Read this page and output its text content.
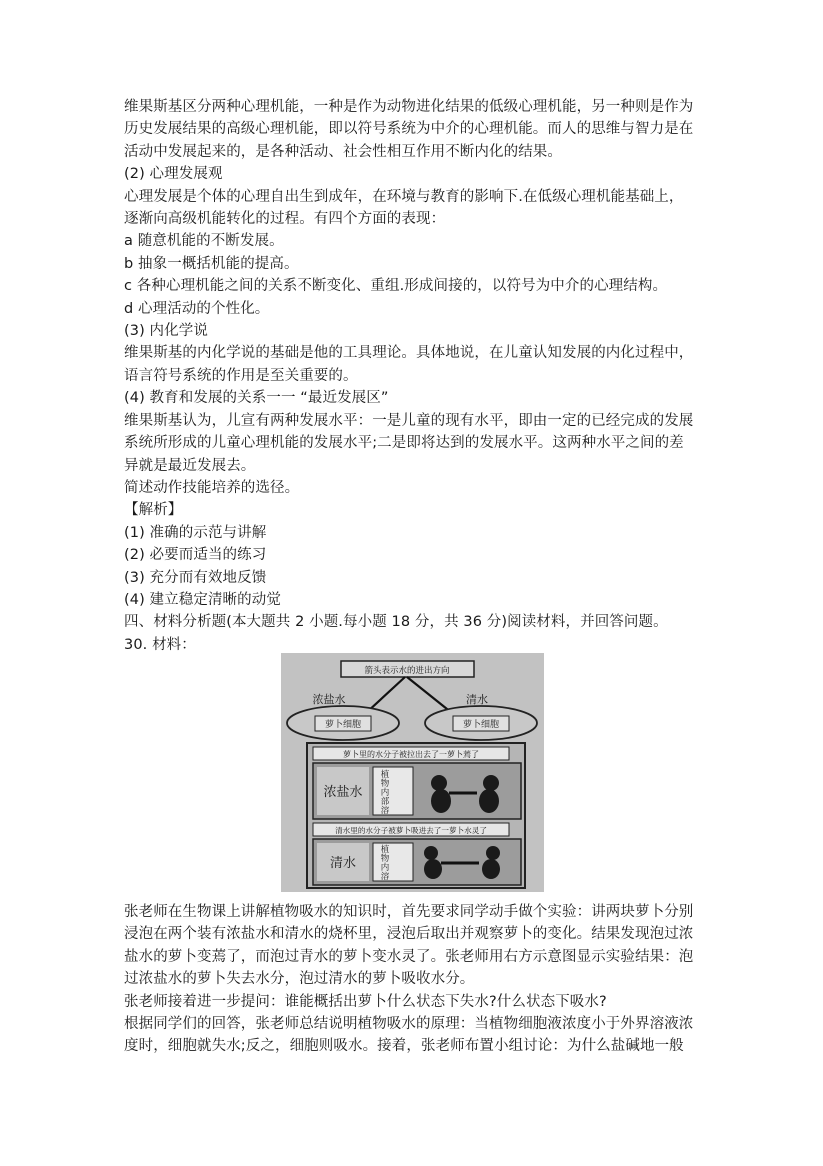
维果斯基区分两种心理机能，一种是作为动物进化结果的低级心理机能，另一种则是作为

历史发展结果的高级心理机能，即以符号系统为中介的心理机能。而人的思维与智力是在

活动中发展起来的，是各种活动、社会性相互作用不断内化的结果。

(2) 心理发展观

心理发展是个体的心理自出生到成年，在环境与教育的影响下.在低级心理机能基础上，

逐渐向高级机能转化的过程。有四个方面的表现：

a 随意机能的不断发展。

b 抽象一概括机能的提高。

c 各种心理机能之间的关系不断变化、重组.形成间接的，以符号为中介的心理结构。

d 心理活动的个性化。

(3) 内化学说

维果斯基的内化学说的基础是他的工具理论。具体地说，在儿童认知发展的内化过程中，

语言符号系统的作用是至关重要的。

(4) 教育和发展的关系一一 “最近发展区”

维果斯基认为，儿宣有两种发展水平：一是儿童的现有水平，即由一定的已经完成的发展

系统所形成的儿童心理机能的发展水平;二是即将达到的发展水平。这两种水平之间的差

异就是最近发展去。

简述动作技能培养的选径。

【解析】

(1) 准确的示范与讲解

(2) 必要而适当的练习

(3) 充分而有效地反馈

(4) 建立稳定清晰的动觉

四、材料分析题(本大题共 2 小题.每小题 18 分，共 36 分)阅读材料，并回答问题。

30. 材料：

箭头表示水的进出方向
浓盐水	清水
萝卜细胞	萝卜细胞
萝卜里的水分子被拉出去了一萝卜蔫了
浓盐水
植
物
内
部
溶
清水里的水分子被萝卜吸进去了一萝卜水灵了
清水
植
物
内
溶

张老师在生物课上讲解植物吸水的知识时，首先要求同学动手做个实验：讲两块萝卜分别

浸泡在两个装有浓盐水和清水的烧杯里，浸泡后取出并观察萝卜的变化。结果发现泡过浓

盐水的萝卜变蔫了，而泡过青水的萝卜变水灵了。张老师用右方示意图显示实验结果：泡

过浓盐水的萝卜失去水分，泡过清水的萝卜吸收水分。

张老师接着进一步提问：谁能概括出萝卜什么状态下失水?什么状态下吸水?

根据同学们的回答，张老师总结说明植物吸水的原理：当植物细胞液浓度小于外界溶液浓

度时，细胞就失水;反之，细胞则吸水。接着，张老师布置小组讨论：为什么盐碱地一般
